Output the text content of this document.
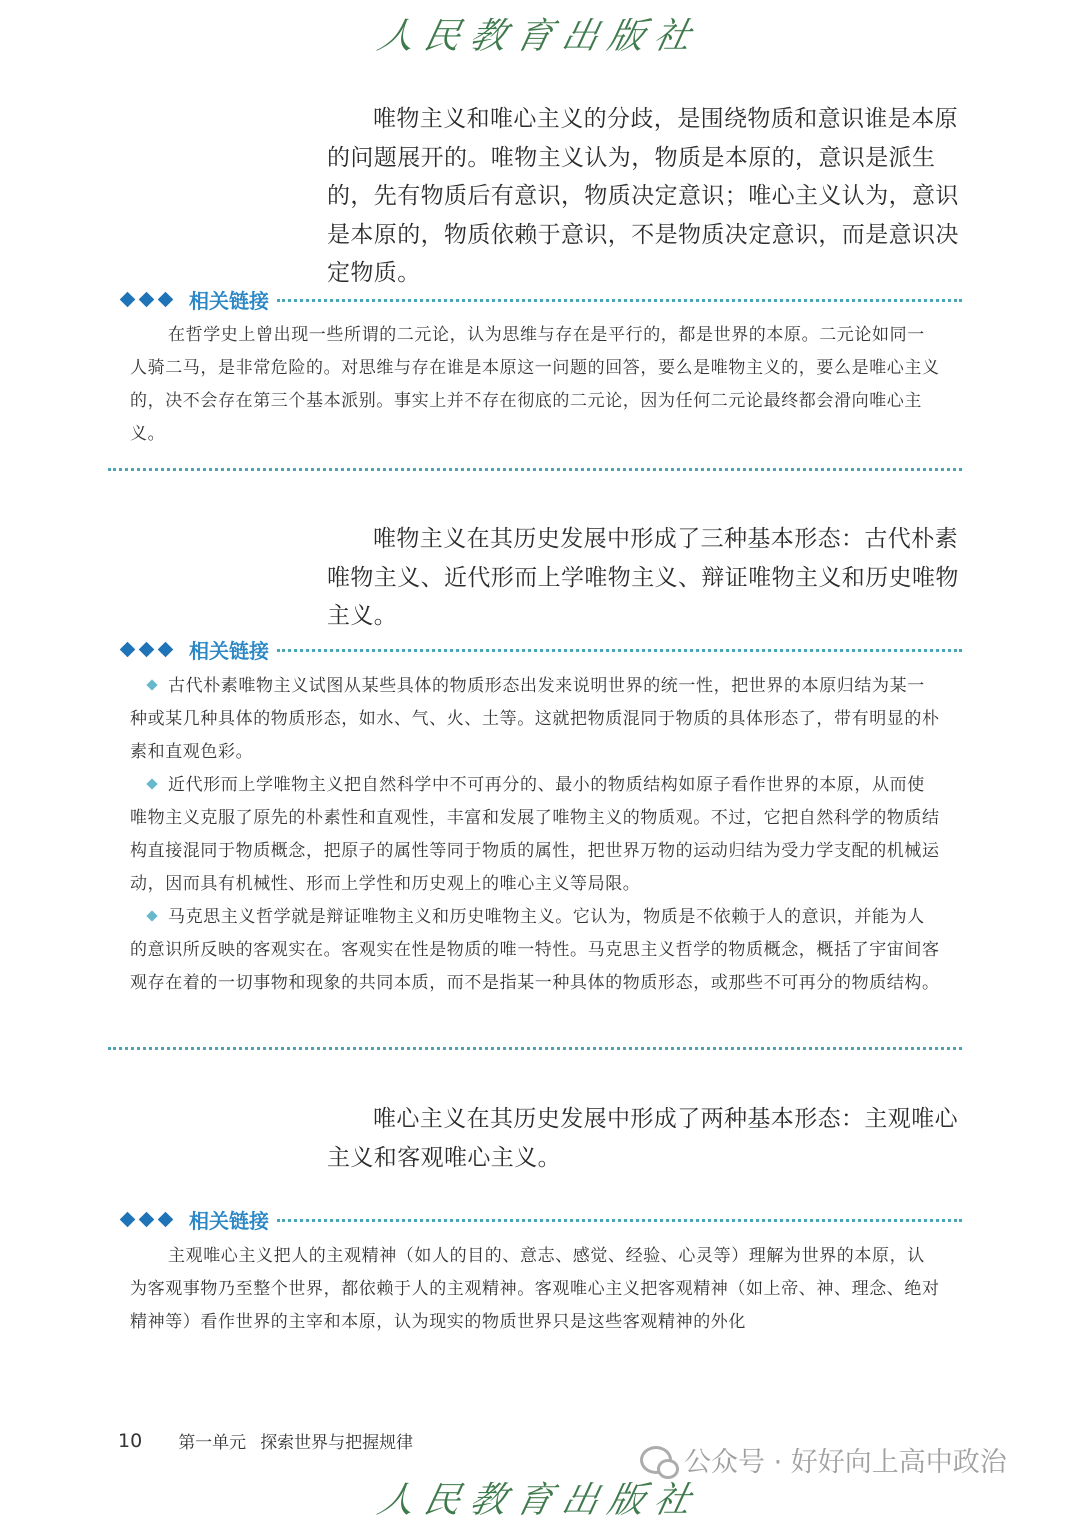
人民教育出版社

唯物主义和唯心主义的分歧，是围绕物质和意识谁是本原的问题展开的。唯物主义认为，物质是本原的，意识是派生的，先有物质后有意识，物质决定意识；唯心主义认为，意识是本原的，物质依赖于意识，不是物质决定意识，而是意识决定物质。

相关链接

在哲学史上曾出现一些所谓的二元论，认为思维与存在是平行的，都是世界的本原。二元论如同一人骑二马，是非常危险的。对思维与存在谁是本原这一问题的回答，要么是唯物主义的，要么是唯心主义的，决不会存在第三个基本派别。事实上并不存在彻底的二元论，因为任何二元论最终都会滑向唯心主义。

唯物主义在其历史发展中形成了三种基本形态：古代朴素唯物主义、近代形而上学唯物主义、辩证唯物主义和历史唯物主义。

相关链接

古代朴素唯物主义试图从某些具体的物质形态出发来说明世界的统一性，把世界的本原归结为某一种或某几种具体的物质形态，如水、气、火、土等。这就把物质混同于物质的具体形态了，带有明显的朴素和直观色彩。

近代形而上学唯物主义把自然科学中不可再分的、最小的物质结构如原子看作世界的本原，从而使唯物主义克服了原先的朴素性和直观性，丰富和发展了唯物主义的物质观。不过，它把自然科学的物质结构直接混同于物质概念，把原子的属性等同于物质的属性，把世界万物的运动归结为受力学支配的机械运动，因而具有机械性、形而上学性和历史观上的唯心主义等局限。

马克思主义哲学就是辩证唯物主义和历史唯物主义。它认为，物质是不依赖于人的意识，并能为人的意识所反映的客观实在。客观实在性是物质的唯一特性。马克思主义哲学的物质概念，概括了宇宙间客观存在着的一切事物和现象的共同本质，而不是指某一种具体的物质形态，或那些不可再分的物质结构。

唯心主义在其历史发展中形成了两种基本形态：主观唯心主义和客观唯心主义。

相关链接

主观唯心主义把人的主观精神（如人的目的、意志、感觉、经验、心灵等）理解为世界的本原，认为客观事物乃至整个世界，都依赖于人的主观精神。客观唯心主义把客观精神（如上帝、神、理念、绝对精神等）看作世界的主宰和本原，认为现实的物质世界只是这些客观精神的外化

10 第一单元 探索世界与把握规律
公众号 · 好好向上高中政治
人民教育出版社
